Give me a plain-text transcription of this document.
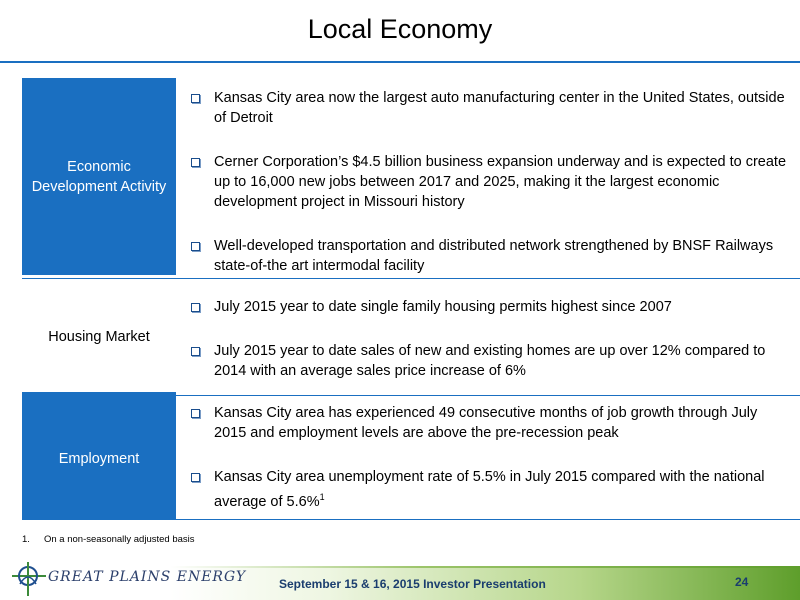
Local Economy
Economic Development Activity
Kansas City area now the largest auto manufacturing center in the United States, outside of Detroit
Cerner Corporation’s $4.5 billion business expansion underway and is expected to create up to 16,000 new jobs between 2017 and 2025, making it the largest economic development project in Missouri history
Well-developed transportation and distributed network strengthened by BNSF Railways state-of-the art intermodal facility
Housing Market
July 2015 year to date single family housing permits highest since 2007
July 2015 year to date sales of new and existing homes are up over 12% compared to 2014 with an average sales price increase of 6%
Employment
Kansas City area has experienced 49 consecutive months of job growth through July 2015 and employment levels are above the pre-recession peak
Kansas City area unemployment rate of 5.5% in July 2015 compared with the national average of 5.6%$^1$
1. On a non-seasonally adjusted basis
GREAT PLAINS ENERGY	September 15 & 16, 2015 Investor Presentation	24
